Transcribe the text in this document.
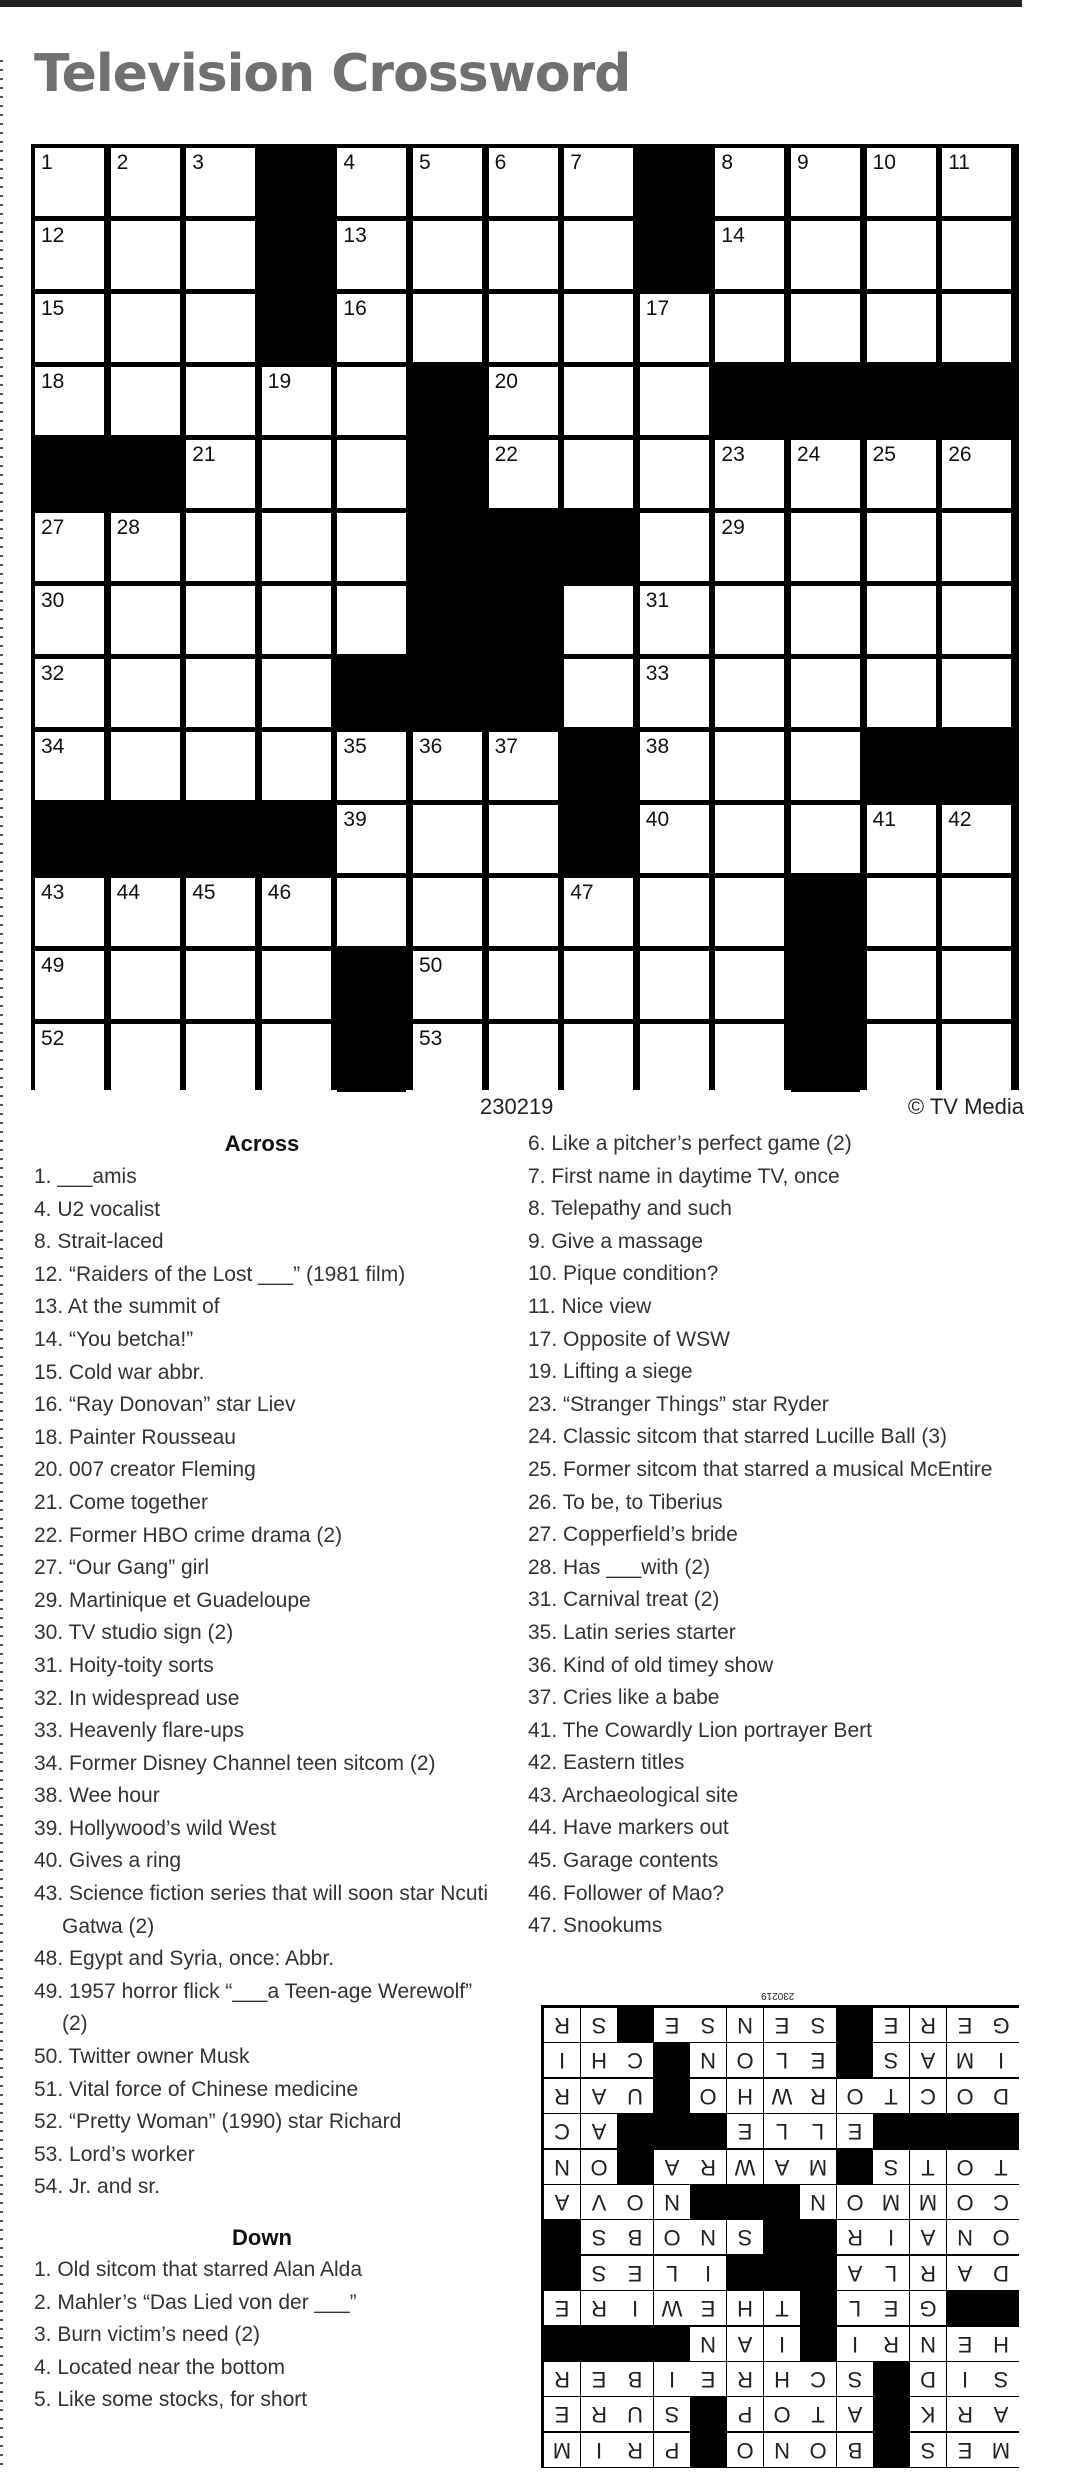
Television Crossword
1	2	3	4	5	6	7	8	9	10 11
12	13	14
15	16	17
18	19	20
21	22	23 24 25 26
27 28	29
30	31
32	33
34	35 36 37	38
39	40	41 42
43 44 45 46	47
49	50
52	53
230219	© TV Media
Across
1. ___amis
4. U2 vocalist
8. Strait-laced
12. “Raiders of the Lost ___” (1981 film)
13. At the summit of
14. “You betcha!”
15. Cold war abbr.
16. “Ray Donovan” star Liev
18. Painter Rousseau
20. 007 creator Fleming
21. Come together
22. Former HBO crime drama (2)
27. “Our Gang” girl
29. Martinique et Guadeloupe
30. TV studio sign (2)
31. Hoity-toity sorts
32. In widespread use
33. Heavenly flare-ups
34. Former Disney Channel teen sitcom (2)
38. Wee hour
39. Hollywood’s wild West
40. Gives a ring
43. Science fiction series that will soon star Ncuti Gatwa (2)
48. Egypt and Syria, once: Abbr.
49. 1957 horror flick “___a Teen-age Werewolf” (2)
50. Twitter owner Musk
51. Vital force of Chinese medicine
52. “Pretty Woman” (1990) star Richard
53. Lord’s worker
54. Jr. and sr.
Down
1. Old sitcom that starred Alan Alda
2. Mahler’s “Das Lied von der ___”
3. Burn victim’s need (2)
4. Located near the bottom
5. Like some stocks, for short
6. Like a pitcher’s perfect game (2)
7. First name in daytime TV, once
8. Telepathy and such
9. Give a massage
10. Pique condition?
11. Nice view
17. Opposite of WSW
19. Lifting a siege
23. “Stranger Things” star Ryder
24. Classic sitcom that starred Lucille Ball (3)
25. Former sitcom that starred a musical McEntire
26. To be, to Tiberius
27. Copperfield’s bride
28. Has ___with (2)
31. Carnival treat (2)
35. Latin series starter
36. Kind of old timey show
37. Cries like a babe
41. The Cowardly Lion portrayer Bert
42. Eastern titles
43. Archaeological site
44. Have markers out
45. Garage contents
46. Follower of Mao?
47. Snookums
230219
M
E
S
B
O
N
O
P
R
I
M
A
R
K
A
T
O
P
S
U
R
E
S
I
D
S
C
H
R
E
I
B
E
R
H
E
N
R
I
I
A
N
G
E
L
T
H
E
W
I
R
E
D
A
R
L
A
I
L
E
S
O
N
A
I
R
S
N
O
B
S
C
O
M
M
O
N
N
O
V
A
T
O
T
S
M
A
W
R
A
O
N
E
L
L
E
A
C
D
O
C
T
O
R
W
H
O
U
A
R
I
M
A
S
E
L
O
N
C
H
I
G
E
R
E
S
E
N
S
E
S
R
